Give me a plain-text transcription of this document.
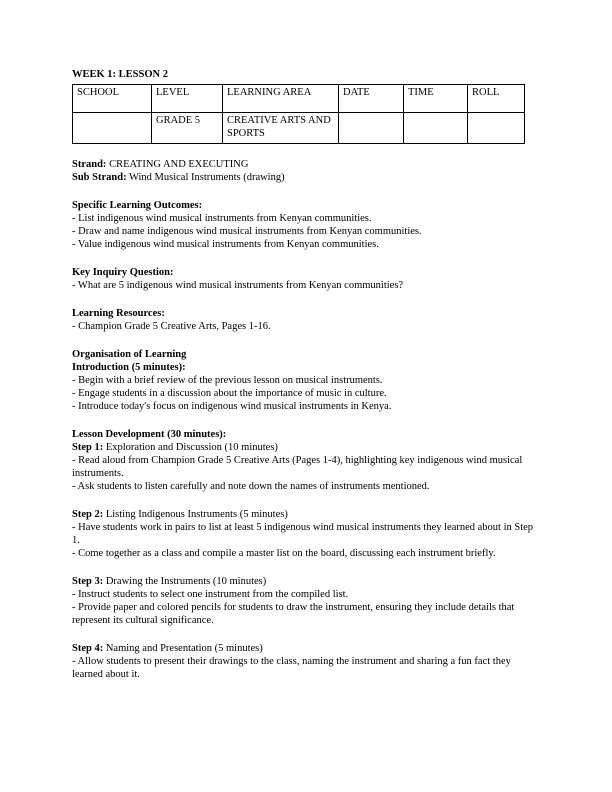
WEEK 1: LESSON 2
SCHOOL	LEVEL	LEARNING AREA	DATE	TIME	ROLL
	GRADE 5	CREATIVE ARTS AND SPORTS			

Strand: CREATING AND EXECUTING

Sub Strand: Wind Musical Instruments (drawing)

Specific Learning Outcomes:

- List indigenous wind musical instruments from Kenyan communities.

- Draw and name indigenous wind musical instruments from Kenyan communities.

- Value indigenous wind musical instruments from Kenyan communities.

Key Inquiry Question:

- What are 5 indigenous wind musical instruments from Kenyan communities?

Learning Resources:

- Champion Grade 5 Creative Arts, Pages 1-16.

Organisation of Learning

Introduction (5 minutes):

- Begin with a brief review of the previous lesson on musical instruments.

- Engage students in a discussion about the importance of music in culture.

- Introduce today's focus on indigenous wind musical instruments in Kenya.

Lesson Development (30 minutes):

Step 1: Exploration and Discussion (10 minutes)

- Read aloud from Champion Grade 5 Creative Arts (Pages 1-4), highlighting key indigenous wind musical instruments.

- Ask students to listen carefully and note down the names of instruments mentioned.

Step 2: Listing Indigenous Instruments (5 minutes)

- Have students work in pairs to list at least 5 indigenous wind musical instruments they learned about in Step 1.

- Come together as a class and compile a master list on the board, discussing each instrument briefly.

Step 3: Drawing the Instruments (10 minutes)

- Instruct students to select one instrument from the compiled list.

- Provide paper and colored pencils for students to draw the instrument, ensuring they include details that represent its cultural significance.

Step 4: Naming and Presentation (5 minutes)

- Allow students to present their drawings to the class, naming the instrument and sharing a fun fact they learned about it.
